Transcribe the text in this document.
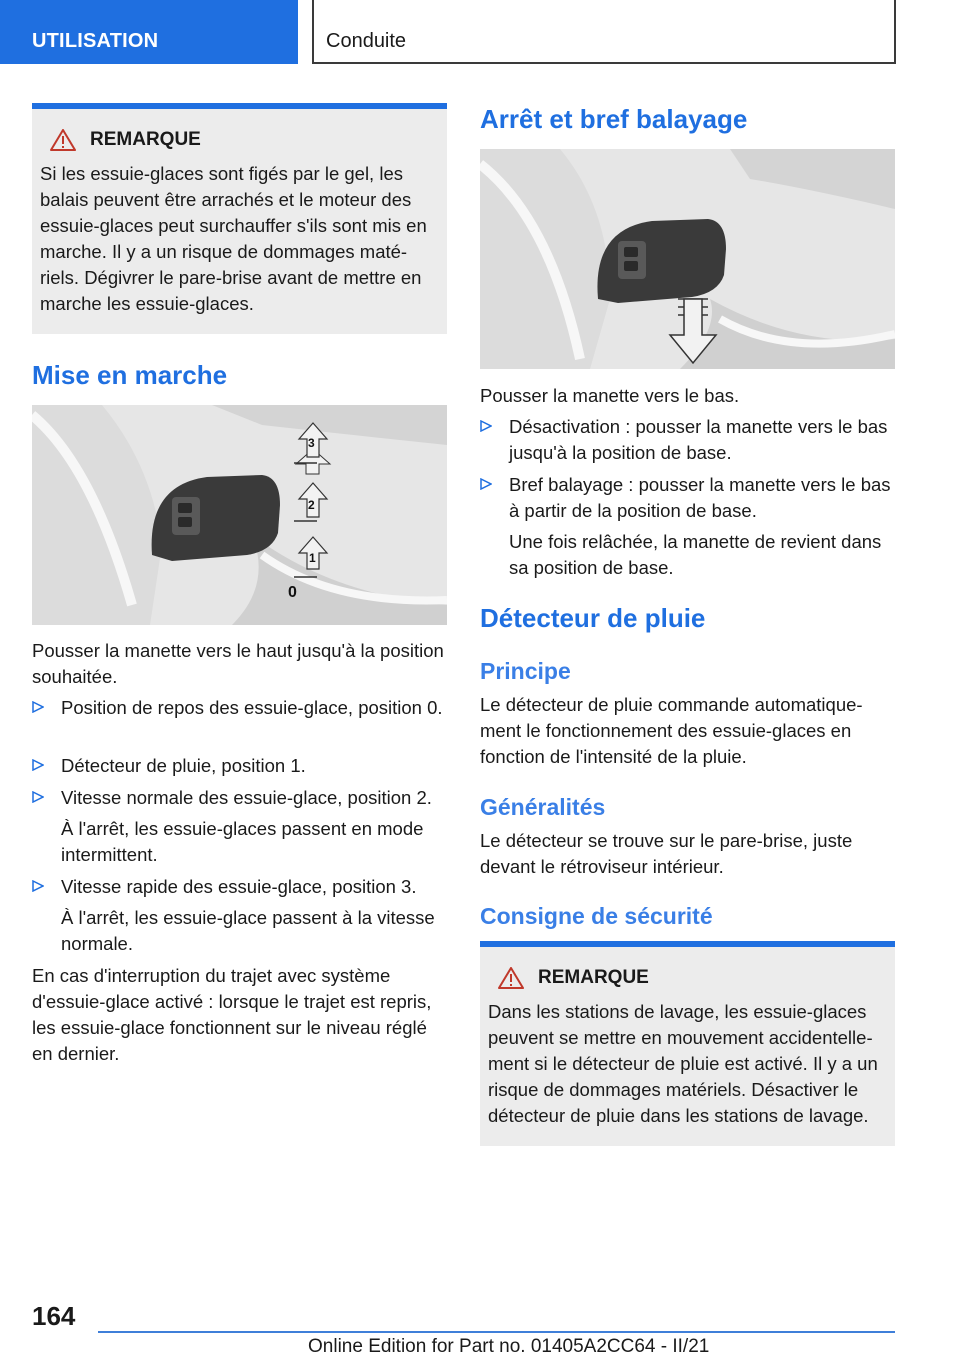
UTILISATION	Conduite
REMARQUE

Si les essuie-glaces sont figés par le gel, les balais peuvent être arrachés et le moteur des essuie-glaces peut surchauffer s'ils sont mis en marche. Il y a un risque de dommages matériels. Dégivrer le pare-brise avant de mettre en marche les essuie-glaces.

Mise en marche
3
2
1
0
Pousser la manette vers le haut jusqu'à la position souhaitée.
Position de repos des essuie-glace, position 0.
Détecteur de pluie, position 1.
Vitesse normale des essuie-glace, position 2.
À l'arrêt, les essuie-glaces passent en mode intermittent.
Vitesse rapide des essuie-glace, position 3.
À l'arrêt, les essuie-glace passent à la vitesse normale.
En cas d'interruption du trajet avec système d'essuie-glace activé : lorsque le trajet est repris, les essuie-glace fonctionnent sur le niveau réglé en dernier.
Arrêt et bref balayage
Pousser la manette vers le bas.
Désactivation : pousser la manette vers le bas jusqu'à la position de base.
Bref balayage : pousser la manette vers le bas à partir de la position de base.
Une fois relâchée, la manette de revient dans sa position de base.
Détecteur de pluie
Principe
Le détecteur de pluie commande automatiquement le fonctionnement des essuie-glaces en fonction de l'intensité de la pluie.
Généralités
Le détecteur se trouve sur le pare-brise, juste devant le rétroviseur intérieur.
Consigne de sécurité
REMARQUE

Dans les stations de lavage, les essuie-glaces peuvent se mettre en mouvement accidentellement si le détecteur de pluie est activé. Il y a un risque de dommages matériels. Désactiver le détecteur de pluie dans les stations de lavage.

164
Online Edition for Part no. 01405A2CC64 - II/21
